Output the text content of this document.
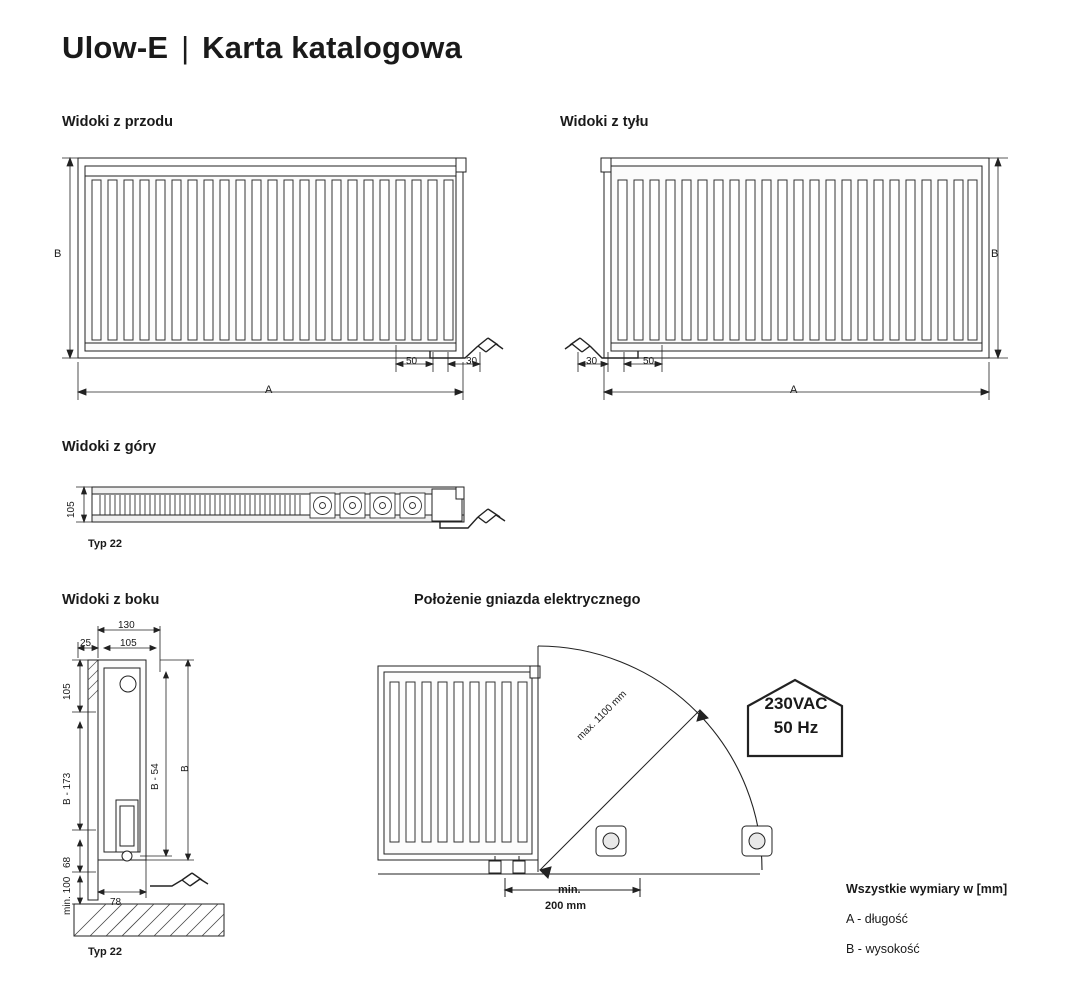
Ulow-E | Karta katalogowa
Widoki z przodu	Widoki z tyłu
Widoki z góry
Widoki z boku	Położenie gniazda elektrycznego
B
A
50	30
B
A
30	50
105
Typ 22
130
105
25
105
B - 173	B - 54 B
68
min. 100	78
Typ 22
max. 1100 mm
min.
200 mm
230VAC
50 Hz
Wszystkie wymiary w [mm]
A - długość
B - wysokość
